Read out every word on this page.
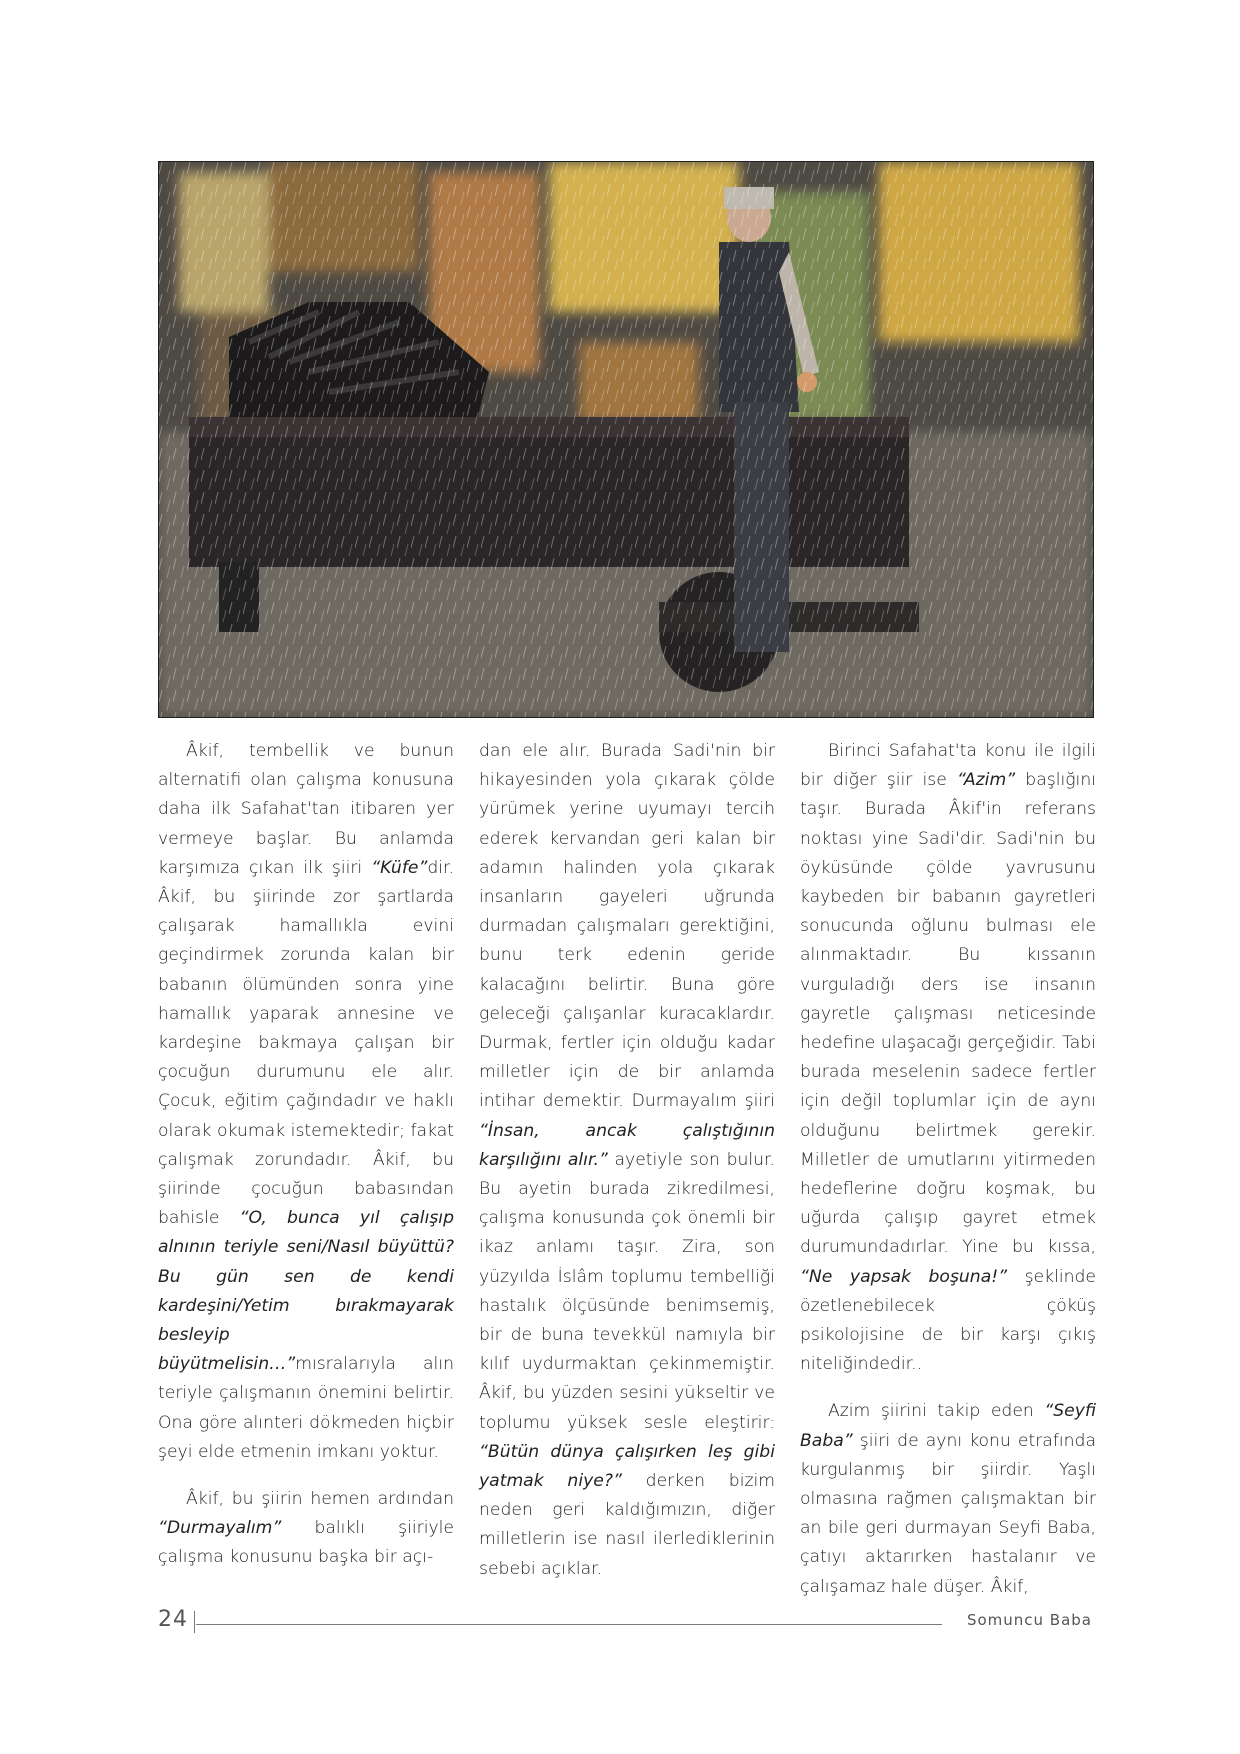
Âkif, tembellik ve bunun alternatifi olan çalışma konusuna daha ilk Safahat'tan itibaren yer vermeye başlar. Bu anlamda karşımıza çıkan ilk şiiri “Küfe”dir. Âkif, bu şiirinde zor şartlarda çalışarak hamallıkla evini geçindirmek zorunda kalan bir babanın ölümünden sonra yine hamallık yaparak annesine ve kardeşine bakmaya çalışan bir çocuğun durumunu ele alır. Çocuk, eğitim çağındadır ve haklı olarak okumak istemektedir; fakat çalışmak zorundadır. Âkif, bu şiirinde çocuğun babasından bahisle “O, bunca yıl çalışıp alnının teriyle seni/Nasıl büyüttü? Bu gün sen de kendi kardeşini/Yetim bırakmayarak besleyip büyütmelisin…”mısralarıyla alın teriyle çalışmanın önemini belirtir. Ona göre alınteri dökmeden hiçbir şeyi elde etmenin imkanı yoktur.

Âkif, bu şiirin hemen ardından “Durmayalım” balıklı şiiriyle çalışma konusunu başka bir açı-

dan ele alır. Burada Sadi'nin bir hikayesinden yola çıkarak çölde yürümek yerine uyumayı tercih ederek kervandan geri kalan bir adamın halinden yola çıkarak insanların gayeleri uğrunda durmadan çalışmaları gerektiğini, bunu terk edenin geride kalacağını belirtir. Buna göre geleceği çalışanlar kuracaklardır. Durmak, fertler için olduğu kadar milletler için de bir anlamda intihar demektir. Durmayalım şiiri “İnsan, ancak çalıştığının karşılığını alır.” ayetiyle son bulur. Bu ayetin burada zikredilmesi, çalışma konusunda çok önemli bir ikaz anlamı taşır. Zira, son yüzyılda İslâm toplumu tembelliği hastalık ölçüsünde benimsemiş, bir de buna tevekkül namıyla bir kılıf uydurmaktan çekinmemiştir. Âkif, bu yüzden sesini yükseltir ve toplumu yüksek sesle eleştirir: “Bütün dünya çalışırken leş gibi yatmak niye?” derken bizim neden geri kaldığımızın, diğer milletlerin ise nasıl ilerlediklerinin sebebi açıklar.

Birinci Safahat'ta konu ile ilgili bir diğer şiir ise “Azim” başlığını taşır. Burada Âkif'in referans noktası yine Sadi'dir. Sadi'nin bu öyküsünde çölde yavrusunu kaybeden bir babanın gayretleri sonucunda oğlunu bulması ele alınmaktadır. Bu kıssanın vurguladığı ders ise insanın gayretle çalışması neticesinde hedefine ulaşacağı gerçeğidir. Tabi burada meselenin sadece fertler için değil toplumlar için de aynı olduğunu belirtmek gerekir. Milletler de umutlarını yitirmeden hedeflerine doğru koşmak, bu uğurda çalışıp gayret etmek durumundadırlar. Yine bu kıssa, “Ne yapsak boşuna!” şeklinde özetlenebilecek çöküş psikolojisine de bir karşı çıkış niteliğindedir..

Azim şiirini takip eden “Seyfi Baba” şiiri de aynı konu etrafında kurgulanmış bir şiirdir. Yaşlı olmasına rağmen çalışmaktan bir an bile geri durmayan Seyfi Baba, çatıyı aktarırken hastalanır ve çalışamaz hale düşer. Âkif,

24	Somuncu Baba
